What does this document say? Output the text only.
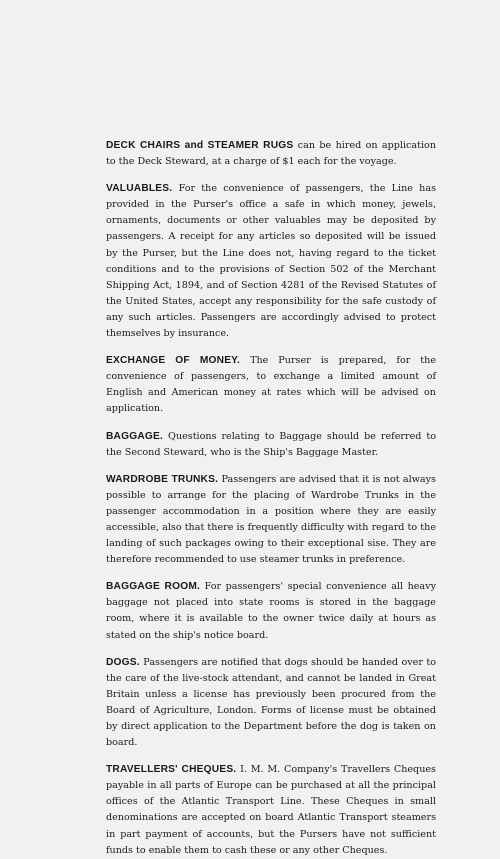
DECK CHAIRS and STEAMER RUGS can be hired on application to the Deck Steward, at a charge of $1 each for the voyage.

VALUABLES. For the convenience of passengers, the Line has provided in the Purser's office a safe in which money, jewels, ornaments, documents or other valuables may be deposited by passengers. A receipt for any articles so deposited will be issued by the Purser, but the Line does not, having regard to the ticket conditions and to the provisions of Section 502 of the Merchant Shipping Act, 1894, and of Section 4281 of the Revised Statutes of the United States, accept any responsibility for the safe custody of any such articles. Passengers are accordingly advised to protect themselves by insurance.

EXCHANGE OF MONEY. The Purser is prepared, for the convenience of passengers, to exchange a limited amount of English and American money at rates which will be advised on application.

BAGGAGE. Questions relating to Baggage should be referred to the Second Steward, who is the Ship's Baggage Master.

WARDROBE TRUNKS. Passengers are advised that it is not always possible to arrange for the placing of Wardrobe Trunks in the passenger accommodation in a position where they are easily accessible, also that there is frequently difficulty with regard to the landing of such packages owing to their exceptional sise. They are therefore recommended to use steamer trunks in preference.

BAGGAGE ROOM. For passengers' special convenience all heavy baggage not placed into state rooms is stored in the baggage room, where it is available to the owner twice daily at hours as stated on the ship's notice board.

DOGS. Passengers are notified that dogs should be handed over to the care of the live-stock attendant, and cannot be landed in Great Britain unless a license has previously been procured from the Board of Agriculture, London. Forms of license must be obtained by direct application to the Department before the dog is taken on board.

TRAVELLERS' CHEQUES. I. M. M. Company's Travellers Cheques payable in all parts of Europe can be purchased at all the principal offices of the Atlantic Transport Line. These Cheques in small denominations are accepted on board Atlantic Transport steamers in part payment of accounts, but the Pursers have not sufficient funds to enable them to cash these or any other Cheques.
